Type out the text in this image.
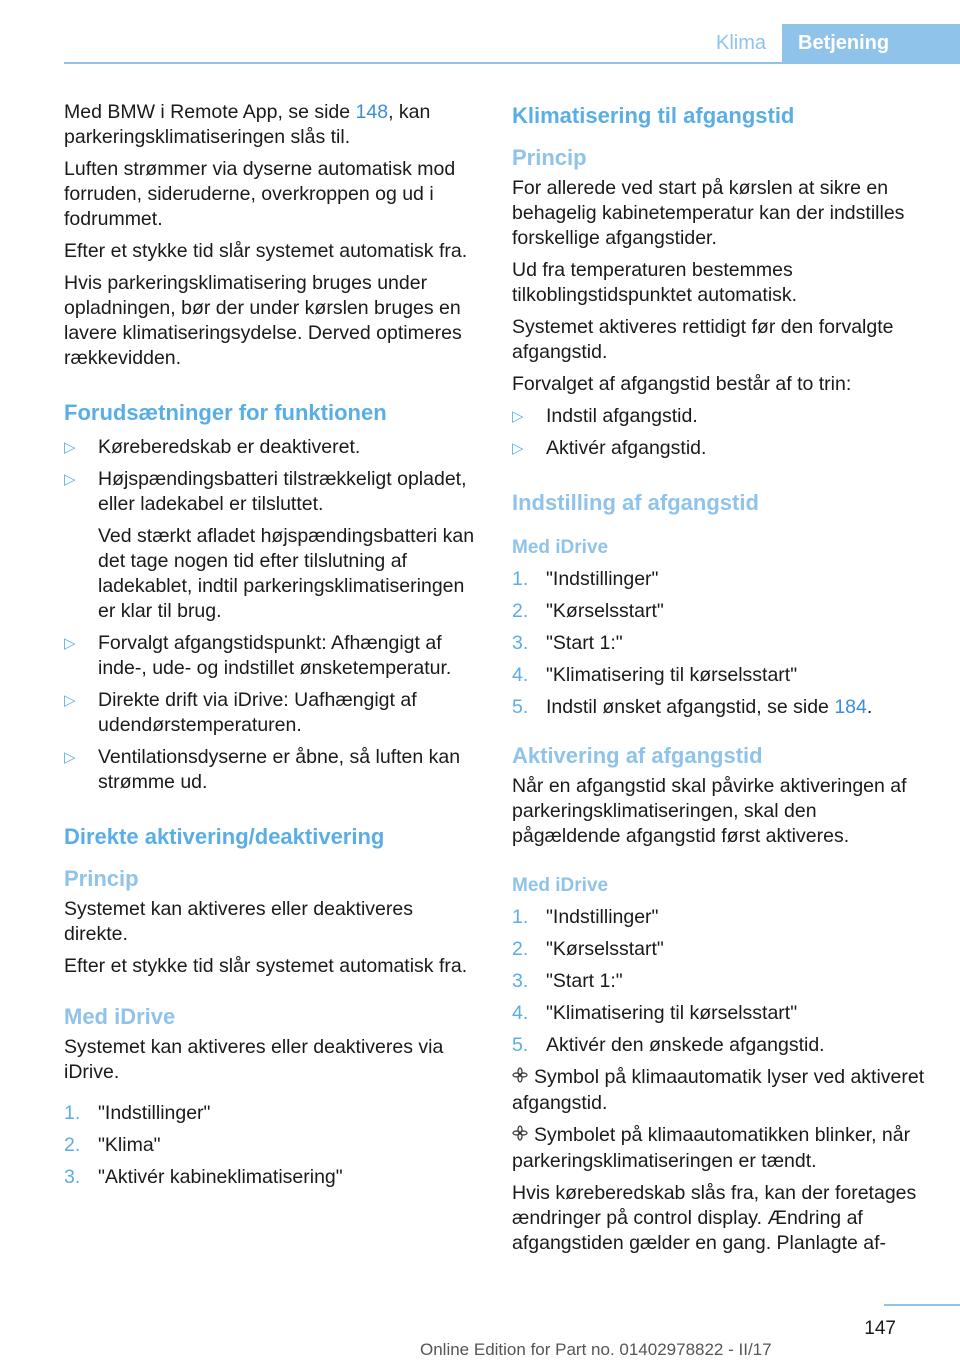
Klima	Betjening

Med BMW i Remote App, se side 148, kan parkeringsklimatiseringen slås til.

Luften strømmer via dyserne automatisk mod forruden, sideruderne, overkroppen og ud i fodrummet.

Efter et stykke tid slår systemet automatisk fra.

Hvis parkeringsklimatisering bruges under opladningen, bør der under kørslen bruges en lavere klimatiseringsydelse. Derved optimeres rækkevidden.

Forudsætninger for funktionen
▷	Køreberedskab er deaktiveret.
▷	Højspændingsbatteri tilstrækkeligt opladet, eller ladekabel er tilsluttet.

Ved stærkt afladet højspændingsbatteri kan det tage nogen tid efter tilslutning af ladekablet, indtil parkeringsklimatiseringen er klar til brug.

▷	Forvalgt afgangstidspunkt: Afhængigt af inde-, ude- og indstillet ønsketemperatur.
▷	Direkte drift via iDrive: Uafhængigt af udendørstemperaturen.
▷	Ventilationsdyserne er åbne, så luften kan strømme ud.
Direkte aktivering/deaktivering
Princip

Systemet kan aktiveres eller deaktiveres direkte.

Efter et stykke tid slår systemet automatisk fra.

Med iDrive

Systemet kan aktiveres eller deaktiveres via iDrive.

1. "Indstillinger"
2. "Klima"
3. "Aktivér kabineklimatisering"
Klimatisering til afgangstid
Princip

For allerede ved start på kørslen at sikre en behagelig kabinetemperatur kan der indstilles forskellige afgangstider.

Ud fra temperaturen bestemmes tilkoblingstidspunktet automatisk.

Systemet aktiveres rettidigt før den forvalgte afgangstid.

Forvalget af afgangstid består af to trin:

▷	Indstil afgangstid.
▷	Aktivér afgangstid.
Indstilling af afgangstid
Med iDrive
1. "Indstillinger"
2. "Kørselsstart"
3. "Start 1:"
4. "Klimatisering til kørselsstart"
5. Indstil ønsket afgangstid, se side 184.
Aktivering af afgangstid

Når en afgangstid skal påvirke aktiveringen af parkeringsklimatiseringen, skal den pågældende afgangstid først aktiveres.

Med iDrive
1. "Indstillinger"
2. "Kørselsstart"
3. "Start 1:"
4. "Klimatisering til kørselsstart"
5. Aktivér den ønskede afgangstid.

Symbol på klimaautomatik lyser ved aktiveret afgangstid.

Symbolet på klimaautomatikken blinker, når parkeringsklimatiseringen er tændt.

Hvis køreberedskab slås fra, kan der foretages ændringer på control display. Ændring af afgangstiden gælder en gang. Planlagte af-

147
Online Edition for Part no. 01402978822 - II/17
